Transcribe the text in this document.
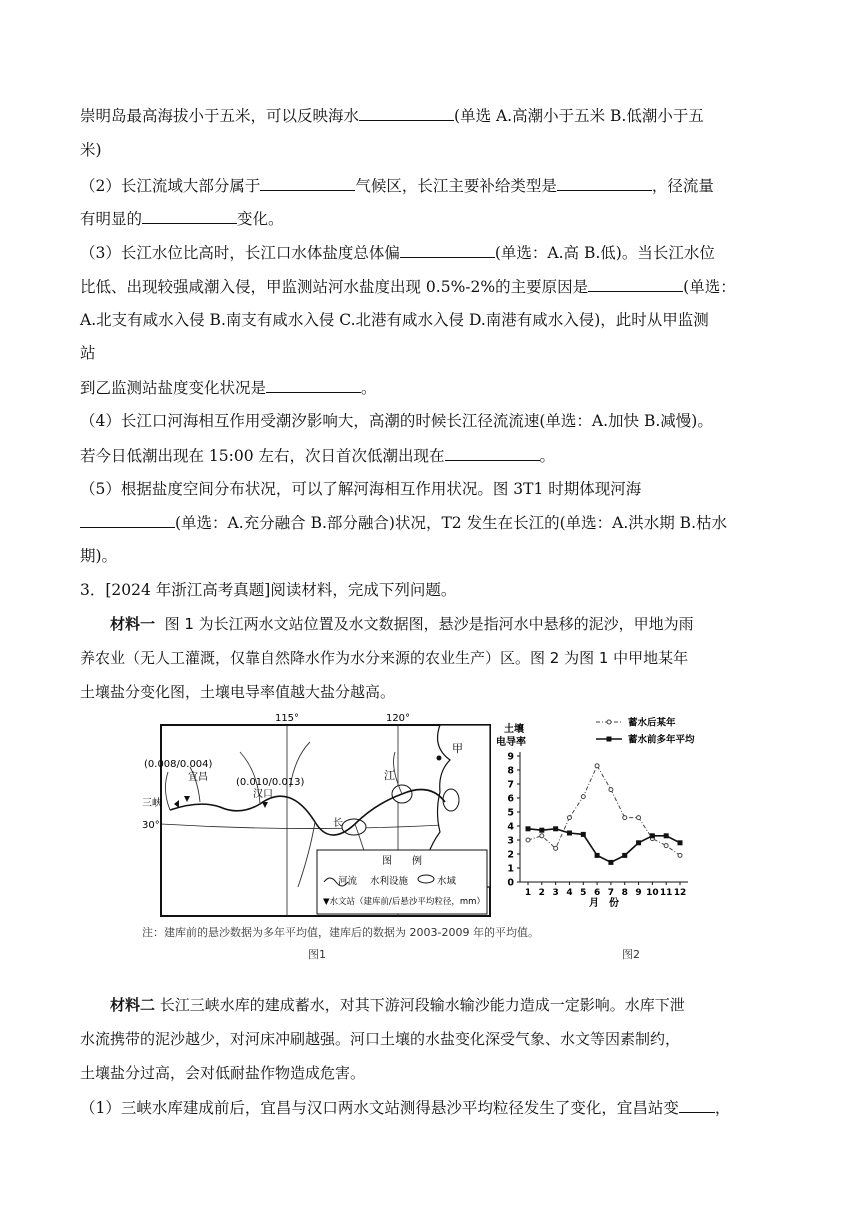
崇明岛最高海拔小于五米，可以反映海水	(单选 A.高潮小于五米 B.低潮小于五
米)
（2）长江流域大部分属于	气候区，长江主要补给类型是	，径流量
有明显的	变化。
（3）长江水位比高时，长江口水体盐度总体偏	(单选：A.高 B.低)。当长江水位
比低、出现较强咸潮入侵，甲监测站河水盐度出现 0.5%-2%的主要原因是	(单选：
A.北支有咸水入侵 B.南支有咸水入侵 C.北港有咸水入侵 D.南港有咸水入侵)，此时从甲监测
站
到乙监测站盐度变化状况是	。
（4）长江口河海相互作用受潮汐影响大，高潮的时候长江径流流速(单选：A.加快 B.减慢)。
若今日低潮出现在 15:00 左右，次日首次低潮出现在	。
（5）根据盐度空间分布状况，可以了解河海相互作用状况。图 3T1 时期体现河海
(单选：A.充分融合 B.部分融合)状况，T2 发生在长江的(单选：A.洪水期 B.枯水
期)。
3．[2024 年浙江高考真题]阅读材料，完成下列问题。
材料一 图 1 为长江两水文站位置及水文数据图，悬沙是指河水中悬移的泥沙，甲地为雨
养农业（无人工灌溉，仅靠自然降水作为水分来源的农业生产）区。图 2 为图 1 中甲地某年
土壤盐分变化图，土壤电导率值越大盐分越高。
115°	120°
30°
宜昌
汉口
(0.008/0.004)
(0.010/0.013)
三峡
甲
江
长
图　　例
河流 水利设施	水域
▼水文站（建库前/后悬沙平均粒径，mm）
土壤
电导率
0
1
2
3
4
5
6
7
8
9
1 2 3 4 5 6 7 8 9 10 11 12
蓄水后某年
蓄水前多年平均
月　份
注：建库前的悬沙数据为多年平均值，建库后的数据为 2003-2009 年的平均值。
图1	图2
材料二 长江三峡水库的建成蓄水，对其下游河段输水输沙能力造成一定影响。水库下泄
水流携带的泥沙越少，对河床冲刷越强。河口土壤的水盐变化深受气象、水文等因素制约，
土壤盐分过高，会对低耐盐作物造成危害。
（1）三峡水库建成前后，宜昌与汉口两水文站测得悬沙平均粒径发生了变化，宜昌站变 ，
